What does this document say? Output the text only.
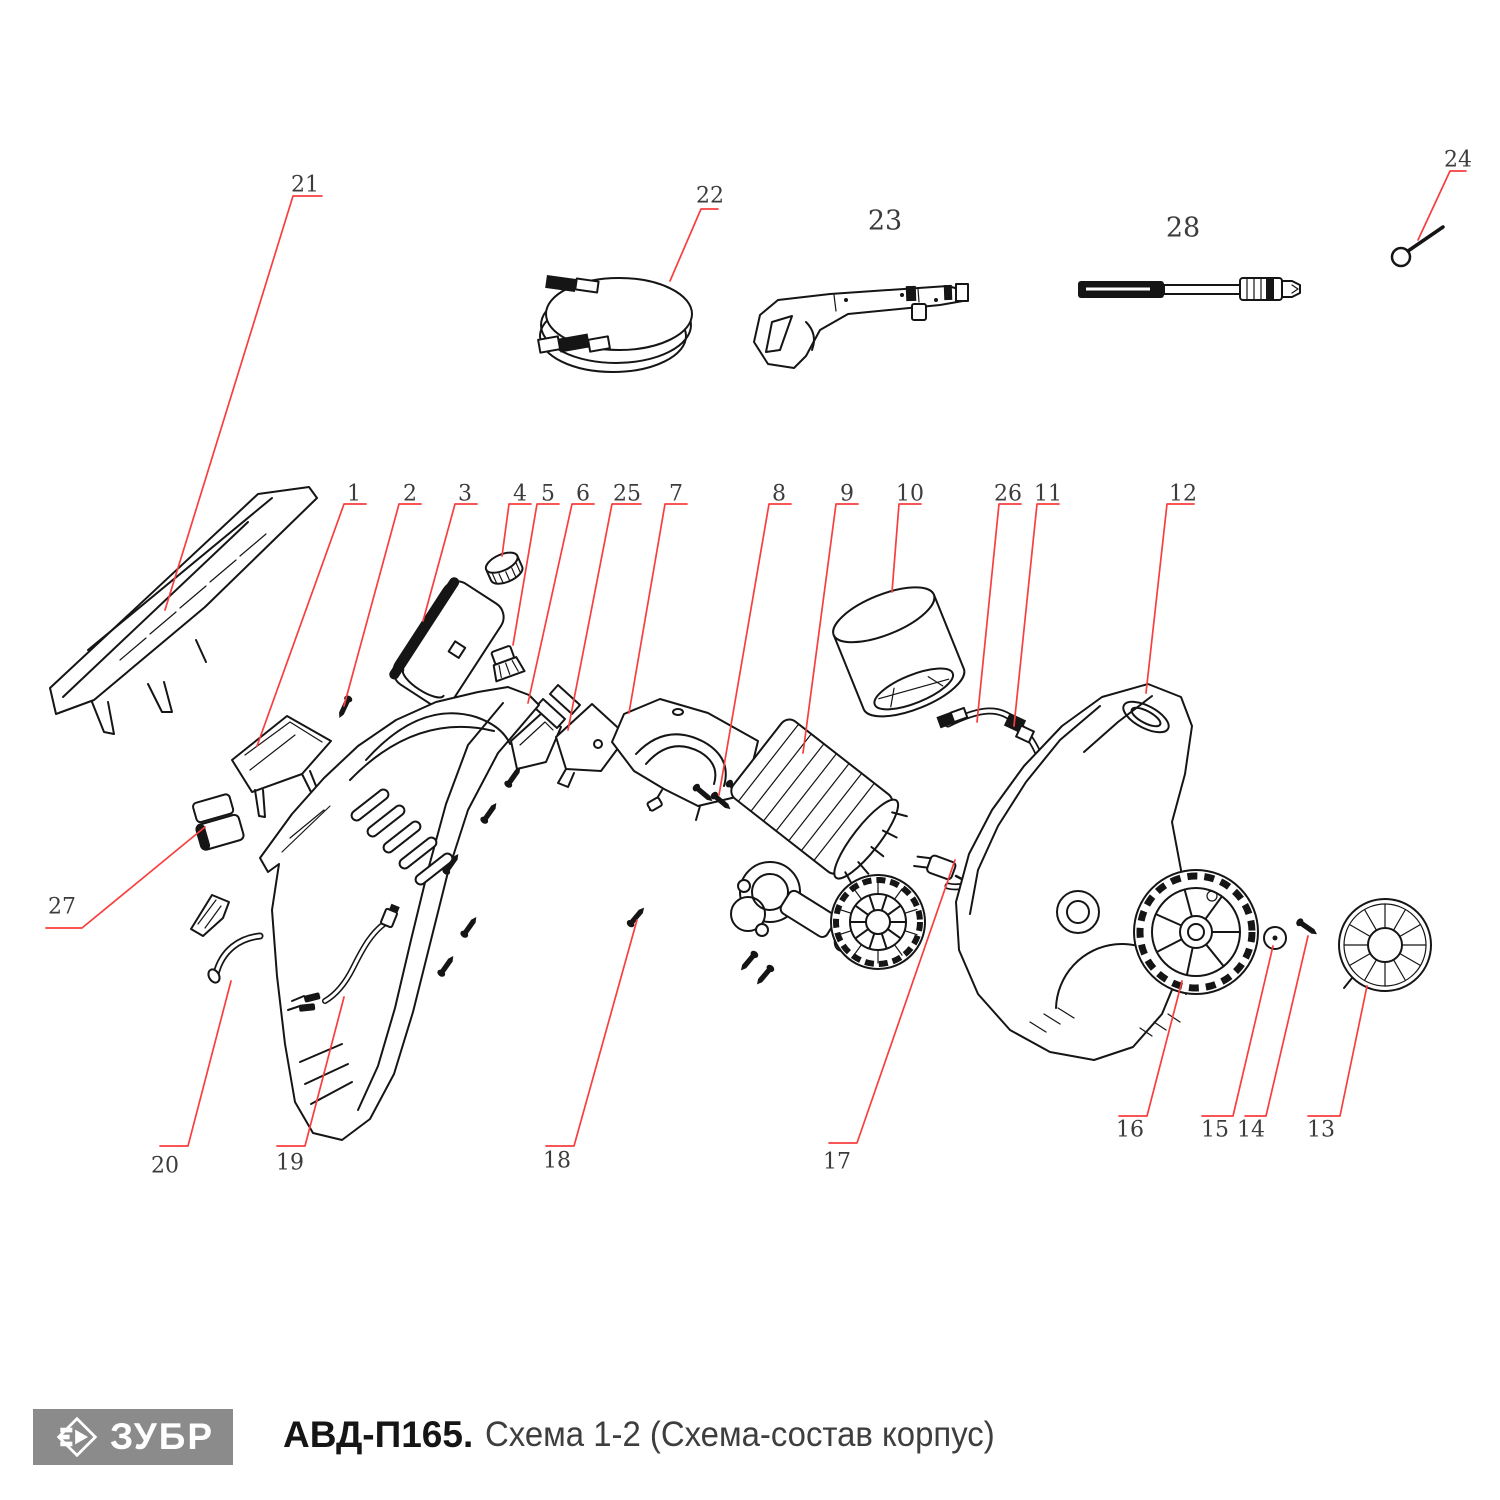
21	22
23	28
24
1 2 3 4 5 6 25 7	8 9 10	26 11	12
27
20	19	18	17
16	15 14 13
ЗУБР АВД-П165. Схема 1-2 (Схема-состав корпус)
